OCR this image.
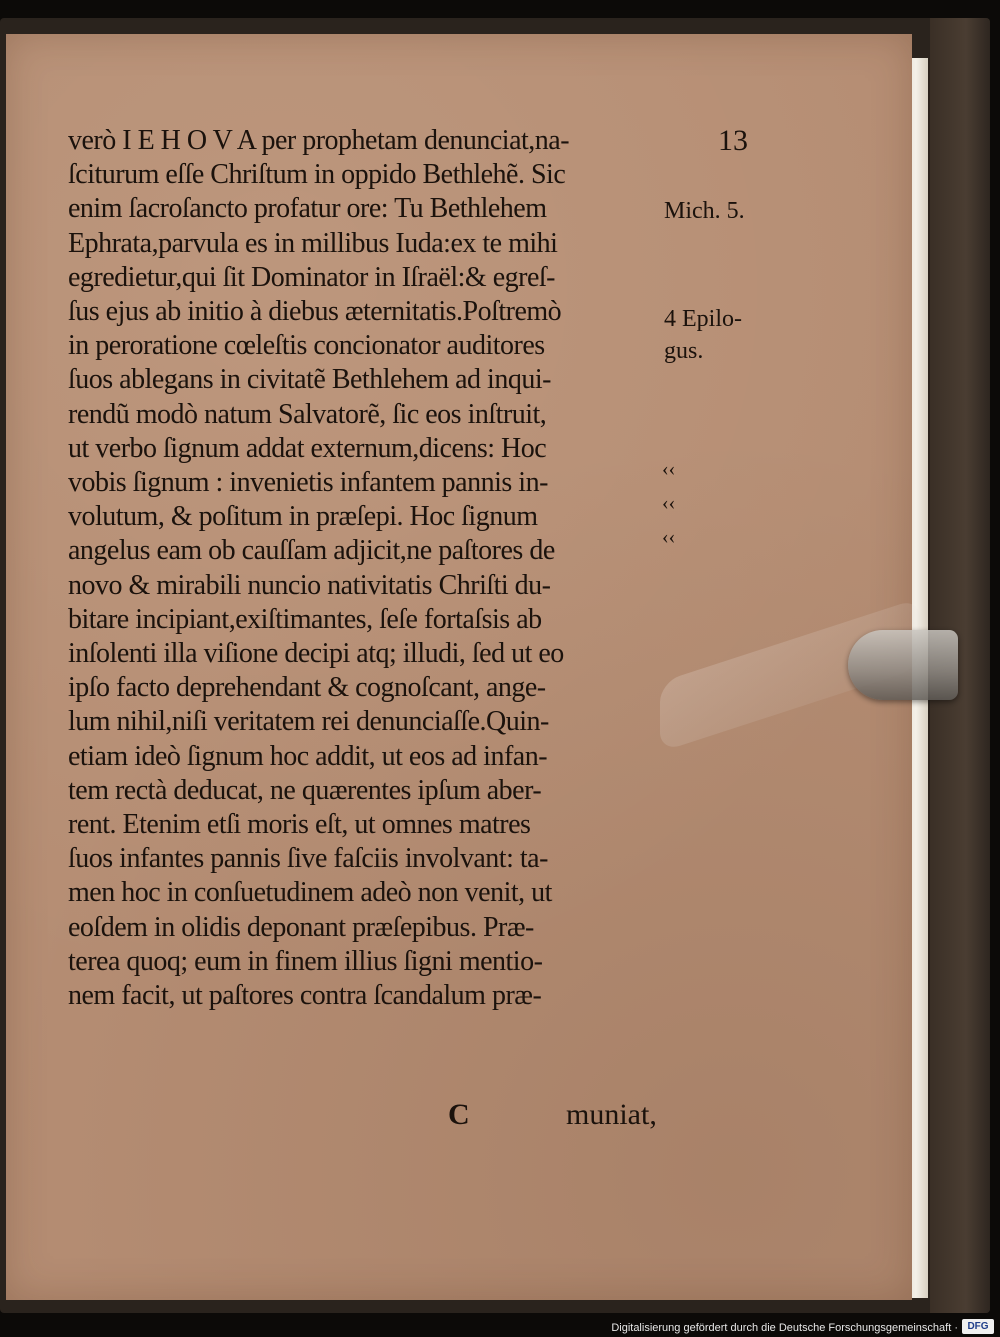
13
verò I E H O V A per prophetam denunciat,na-
ſciturum eſſe Chriſtum in oppido Bethlehẽ. Sic
enim ſacroſancto profatur ore: Tu Bethlehem
Ephrata,parvula es in millibus Iuda:ex te mihi
egredietur,qui ſit Dominator in Iſraël:& egreſ-
ſus ejus ab initio à diebus æternitatis.Poſtremò
in peroratione cœleſtis concionator auditores
ſuos ablegans in civitatẽ Bethlehem ad inqui-
rendũ modò natum Salvatorẽ, ſic eos inſtruit,
ut verbo ſignum addat externum,dicens: Hoc
vobis ſignum : invenietis infantem pannis in-
volutum, & poſitum in præſepi. Hoc ſignum
angelus eam ob cauſſam adjicit,ne paſtores de
novo & mirabili nuncio nativitatis Chriſti du-
bitare incipiant,exiſtimantes, ſeſe fortaſsis ab
inſolenti illa viſione decipi atq; illudi, ſed ut eo
ipſo facto deprehendant & cognoſcant, ange-
lum nihil,niſi veritatem rei denunciaſſe.Quin-
etiam ideò ſignum hoc addit, ut eos ad infan-
tem rectà deducat, ne quærentes ipſum aber-
rent. Etenim etſi moris eſt, ut omnes matres
ſuos infantes pannis ſive faſciis involvant: ta-
men hoc in conſuetudinem adeò non venit, ut
eoſdem in olidis deponant præſepibus. Præ-
terea quoq; eum in finem illius ſigni mentio-
nem facit, ut paſtores contra ſcandalum præ-
Mich. 5.
4 Epilo-
gus.
‹‹
‹‹
‹‹
C	muniat,
Digitalisierung gefördert durch die Deutsche Forschungsgemeinschaft · DFG
